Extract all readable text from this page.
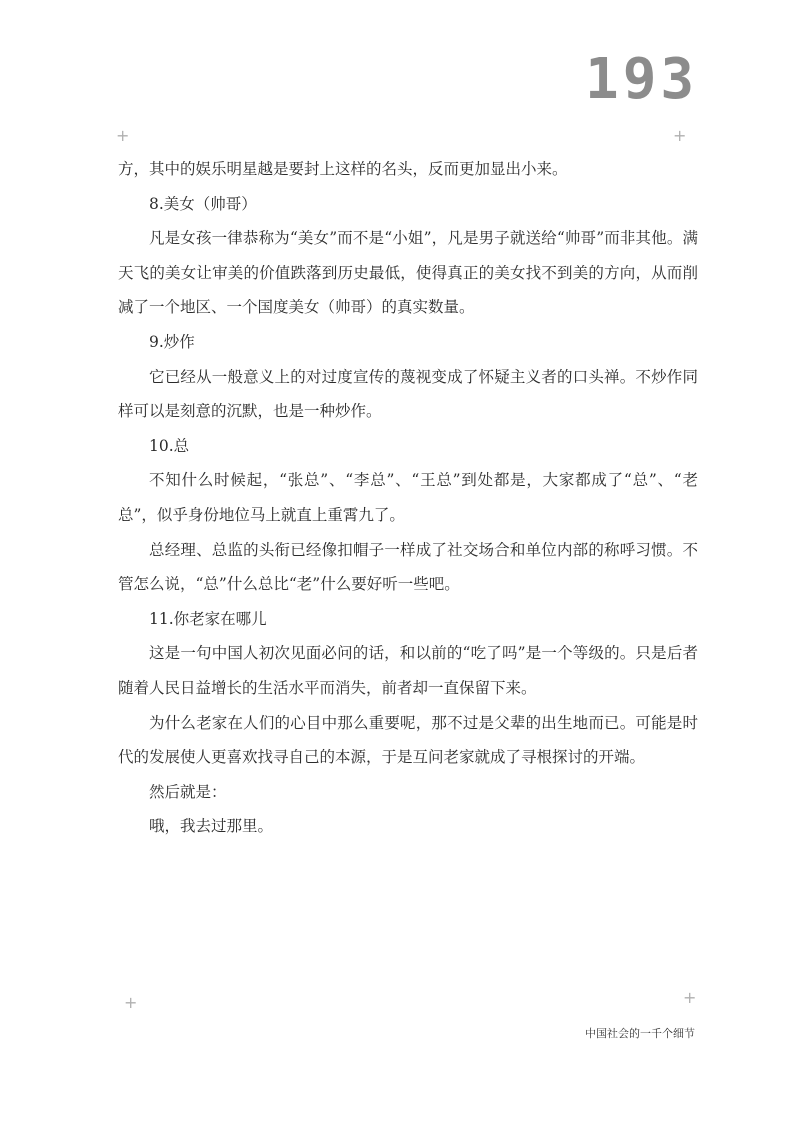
193
+	+
+	+

方，其中的娱乐明星越是要封上这样的名头，反而更加显出小来。

8.美女（帅哥）

凡是女孩一律恭称为“美女”而不是“小姐”，凡是男子就送给“帅哥”而非其他。满天飞的美女让审美的价值跌落到历史最低，使得真正的美女找不到美的方向，从而削减了一个地区、一个国度美女（帅哥）的真实数量。

9.炒作

它已经从一般意义上的对过度宣传的蔑视变成了怀疑主义者的口头禅。不炒作同样可以是刻意的沉默，也是一种炒作。

10.总

不知什么时候起，“张总”、“李总”、“王总”到处都是，大家都成了“总”、“老总”，似乎身份地位马上就直上重霄九了。

总经理、总监的头衔已经像扣帽子一样成了社交场合和单位内部的称呼习惯。不管怎么说，“总”什么总比“老”什么要好听一些吧。

11.你老家在哪儿

这是一句中国人初次见面必问的话，和以前的“吃了吗”是一个等级的。只是后者随着人民日益增长的生活水平而消失，前者却一直保留下来。

为什么老家在人们的心目中那么重要呢，那不过是父辈的出生地而已。可能是时代的发展使人更喜欢找寻自己的本源，于是互问老家就成了寻根探讨的开端。

然后就是：

哦，我去过那里。

中国社会的一千个细节
